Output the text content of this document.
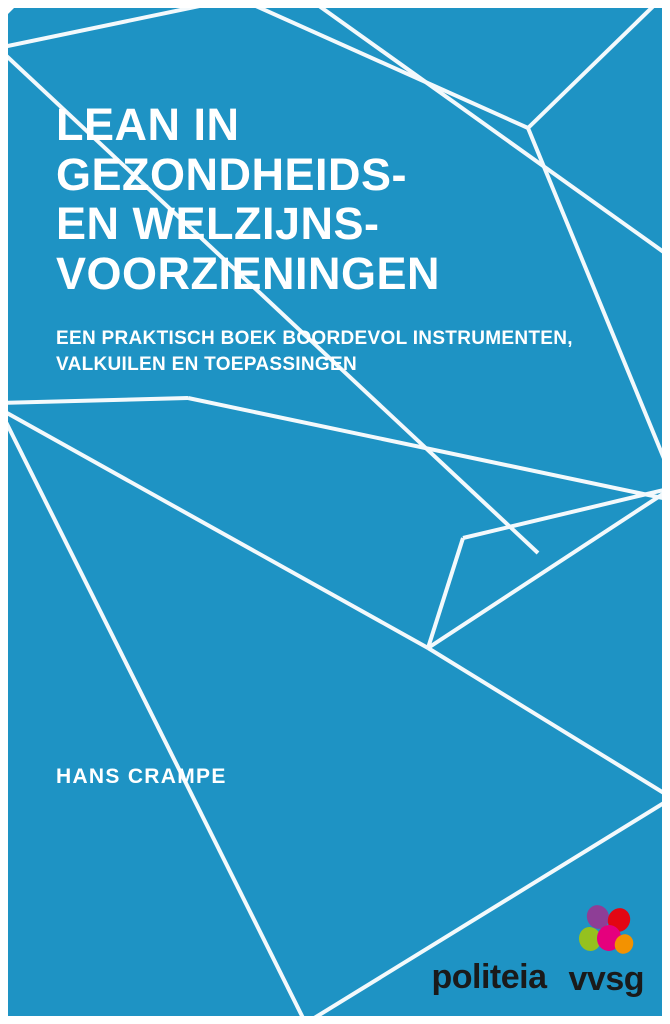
LEAN IN
GEZONDHEIDS-
EN WELZIJNS-
VOORZIENINGEN
EEN PRAKTISCH BOEK BOORDEVOL INSTRUMENTEN,
VALKUILEN EN TOEPASSINGEN
HANS CRAMPE
politeia vvsg
